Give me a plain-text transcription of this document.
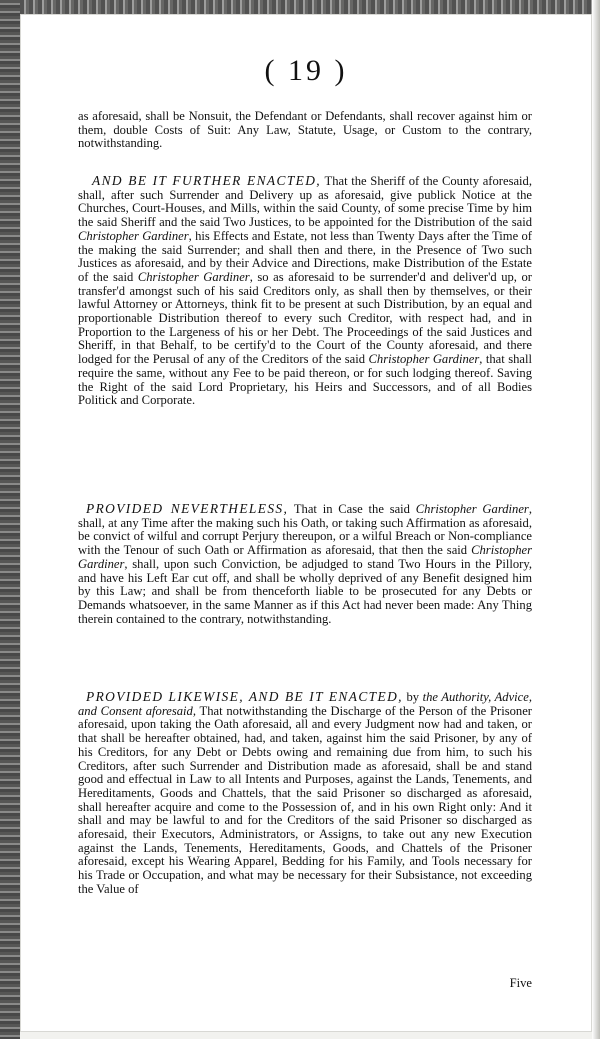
( 19 )

as aforesaid, shall be Nonsuit, the Defendant or Defendants, shall recover against him or them, double Costs of Suit: Any Law, Statute, Usage, or Custom to the contrary, notwithstanding.

AND BE IT FURTHER ENACTED, That the Sheriff of the County aforesaid, shall, after such Surrender and Delivery up as aforesaid, give publick Notice at the Churches, Court-Houses, and Mills, within the said County, of some precise Time by him the said Sheriff and the said Two Justices, to be appointed for the Distribution of the said Christopher Gardiner, his Effects and Estate, not less than Twenty Days after the Time of the making the said Surrender; and shall then and there, in the Presence of Two such Justices as aforesaid, and by their Advice and Directions, make Distribution of the Estate of the said Christopher Gardiner, so as aforesaid to be surrender'd and deliver'd up, or transfer'd amongst such of his said Creditors only, as shall then by themselves, or their lawful Attorney or Attorneys, think fit to be present at such Distribution, by an equal and proportionable Distribution thereof to every such Creditor, with respect had, and in Proportion to the Largeness of his or her Debt. The Proceedings of the said Justices and Sheriff, in that Behalf, to be certify'd to the Court of the County aforesaid, and there lodged for the Perusal of any of the Creditors of the said Christopher Gardiner, that shall require the same, without any Fee to be paid thereon, or for such lodging thereof. Saving the Right of the said Lord Proprietary, his Heirs and Successors, and of all Bodies Politick and Corporate.

PROVIDED NEVERTHELESS, That in Case the said Christopher Gardiner, shall, at any Time after the making such his Oath, or taking such Affirmation as aforesaid, be convict of wilful and corrupt Perjury thereupon, or a wilful Breach or Non-compliance with the Tenour of such Oath or Affirmation as aforesaid, that then the said Christopher Gardiner, shall, upon such Conviction, be adjudged to stand Two Hours in the Pillory, and have his Left Ear cut off, and shall be wholly deprived of any Benefit designed him by this Law; and shall be from thenceforth liable to be prosecuted for any Debts or Demands whatsoever, in the same Manner as if this Act had never been made: Any Thing therein contained to the contrary, notwithstanding.

PROVIDED LIKEWISE, AND BE IT ENACTED, by the Authority, Advice, and Consent aforesaid, That notwithstanding the Discharge of the Person of the Prisoner aforesaid, upon taking the Oath aforesaid, all and every Judgment now had and taken, or that shall be hereafter obtained, had, and taken, against him the said Prisoner, by any of his Creditors, for any Debt or Debts owing and remaining due from him, to such his Creditors, after such Surrender and Distribution made as aforesaid, shall be and stand good and effectual in Law to all Intents and Purposes, against the Lands, Tenements, and Hereditaments, Goods and Chattels, that the said Prisoner so discharged as aforesaid, shall hereafter acquire and come to the Possession of, and in his own Right only: And it shall and may be lawful to and for the Creditors of the said Prisoner so discharged as aforesaid, their Executors, Administrators, or Assigns, to take out any new Execution against the Lands, Tenements, Hereditaments, Goods, and Chattels of the Prisoner aforesaid, except his Wearing Apparel, Bedding for his Family, and Tools necessary for his Trade or Occupation, and what may be necessary for their Subsistance, not exceeding the Value of

Five
